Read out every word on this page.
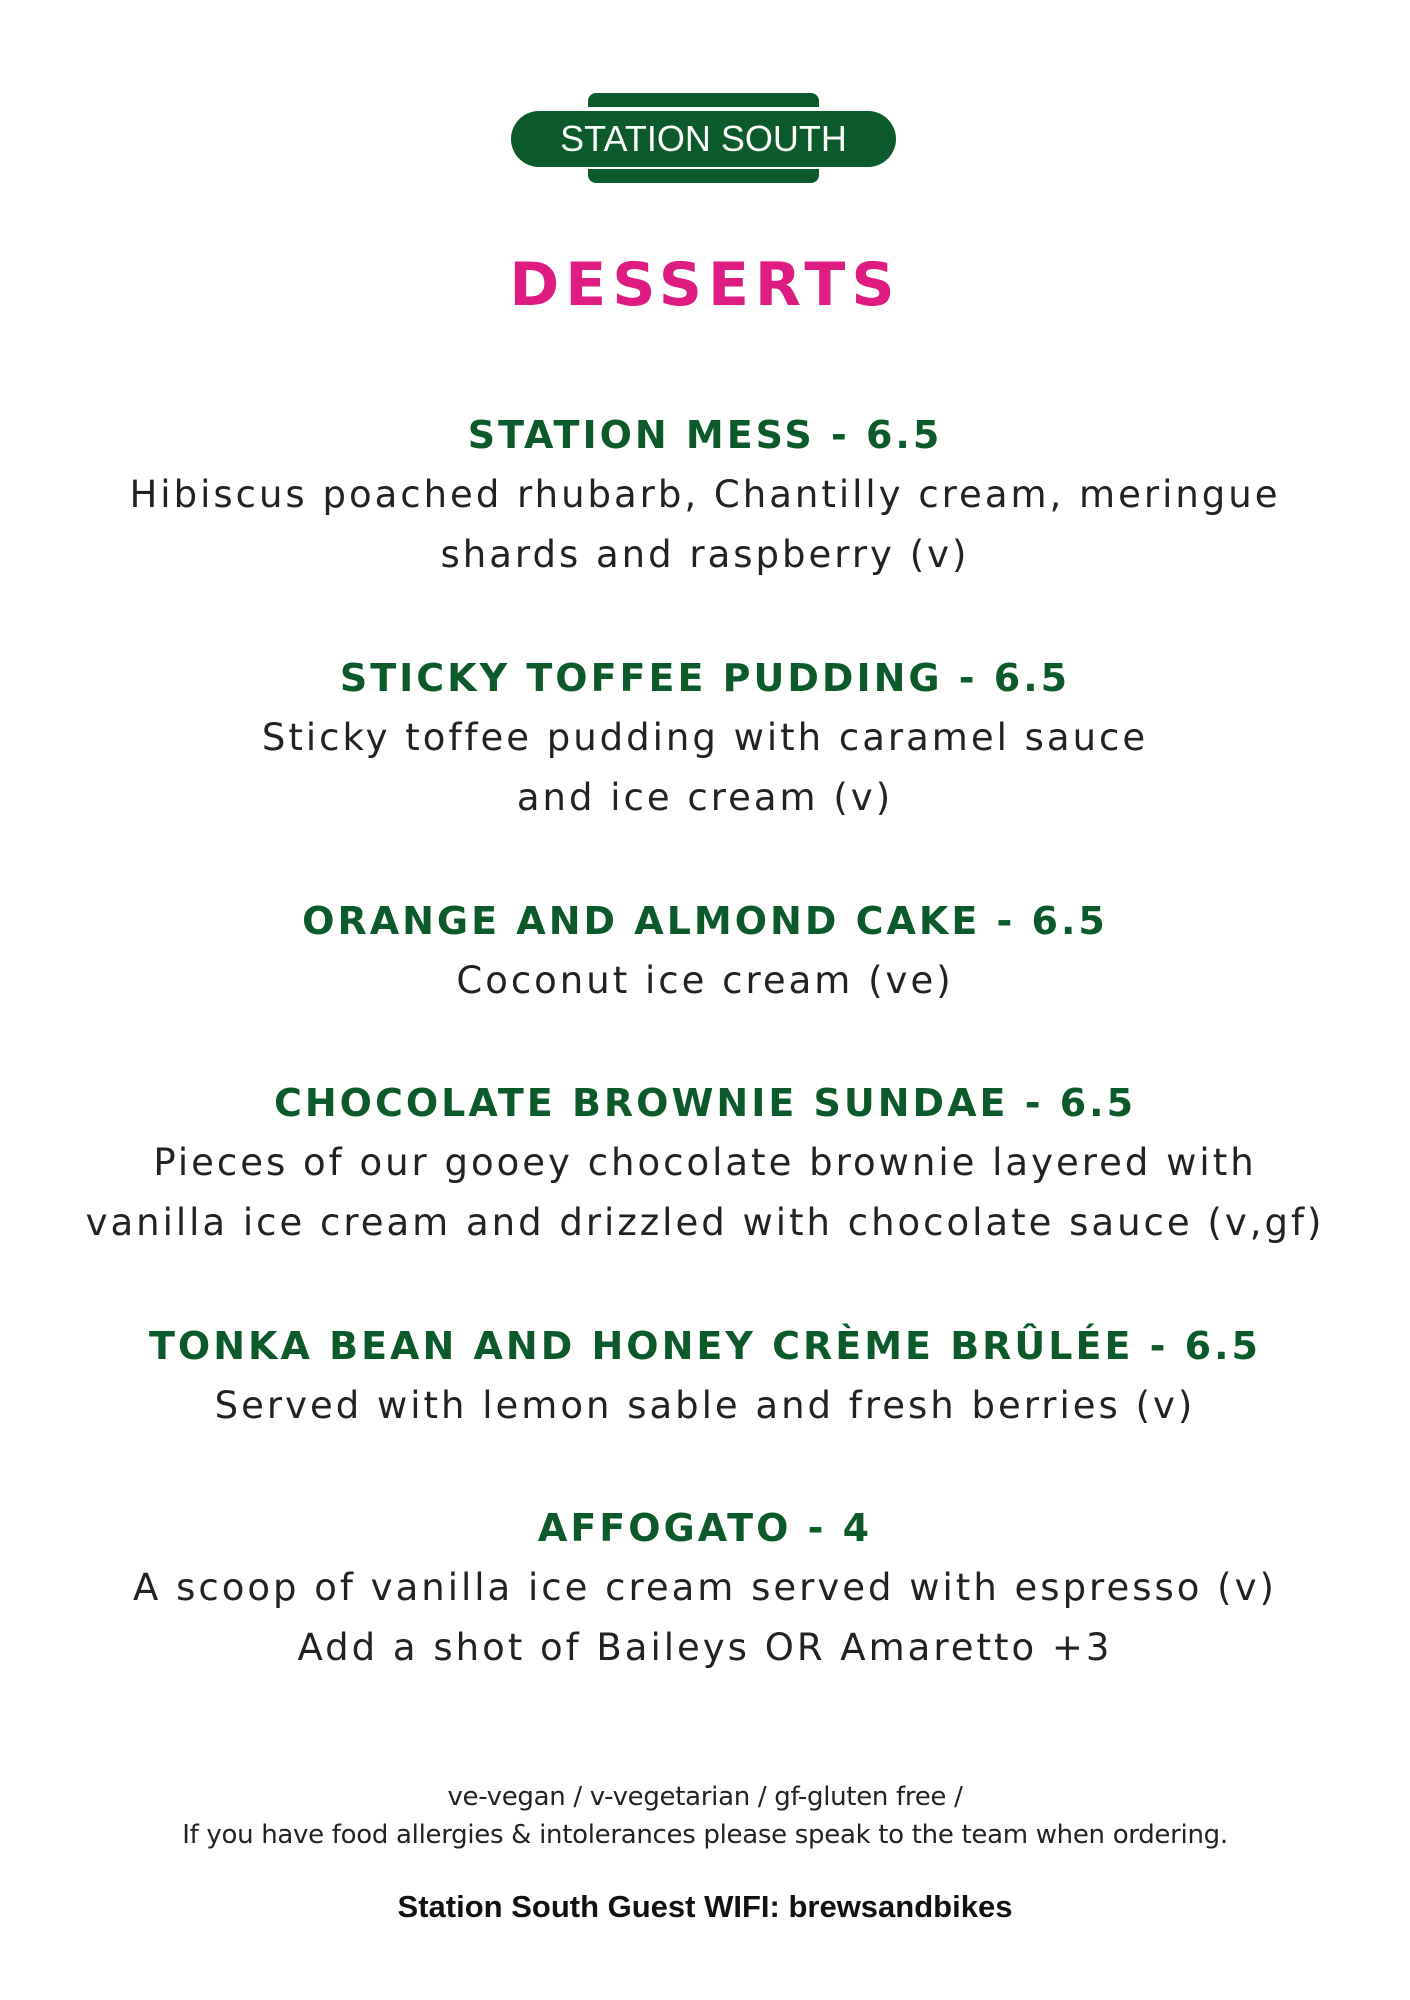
STATION SOUTH
DESSERTS
STATION MESS - 6.5
Hibiscus poached rhubarb, Chantilly cream, meringue
shards and raspberry (v)
STICKY TOFFEE PUDDING - 6.5
Sticky toffee pudding with caramel sauce
and ice cream (v)
ORANGE AND ALMOND CAKE - 6.5
Coconut ice cream (ve)
CHOCOLATE BROWNIE SUNDAE - 6.5
Pieces of our gooey chocolate brownie layered with
vanilla ice cream and drizzled with chocolate sauce (v,gf)
TONKA BEAN AND HONEY CRÈME BRÛLÉE - 6.5
Served with lemon sable and fresh berries (v)
AFFOGATO - 4
A scoop of vanilla ice cream served with espresso (v)
Add a shot of Baileys OR Amaretto +3
ve-vegan / v-vegetarian / gf-gluten free /
If you have food allergies & intolerances please speak to the team when ordering.
Station South Guest WIFI: brewsandbikes
